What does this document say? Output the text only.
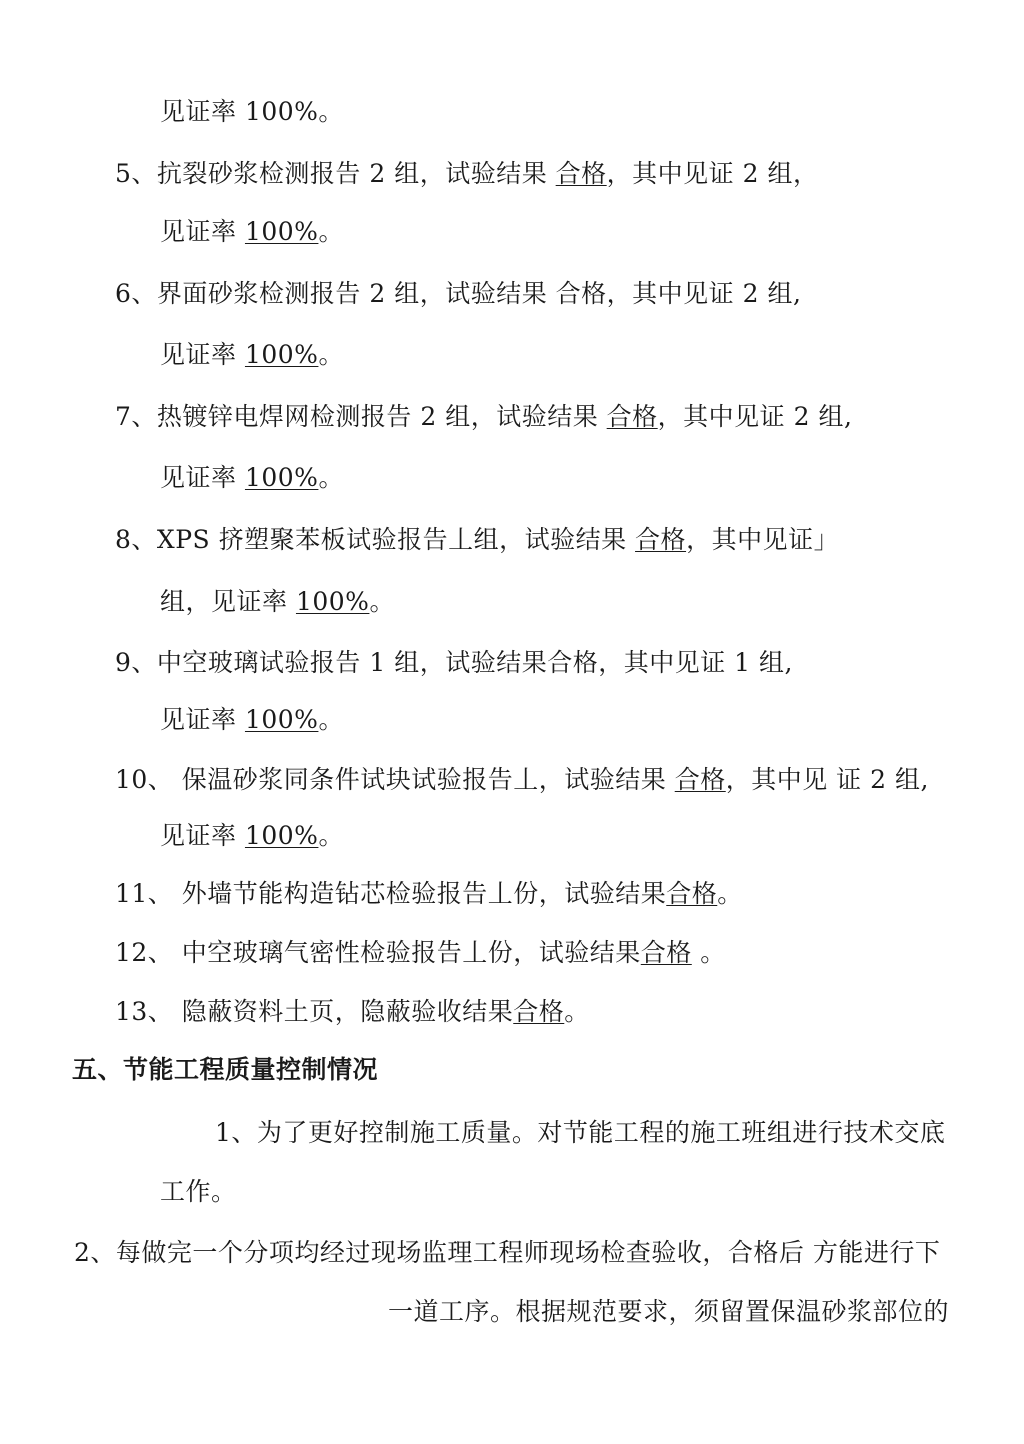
见证率 100%。
5、抗裂砂浆检测报告 2 组，试验结果 合格，其中见证 2 组，
见证率 100%。
6、界面砂浆检测报告 2 组，试验结果 合格，其中见证 2 组,
见证率 100%。
7、热镀锌电焊网检测报告 2 组，试验结果 合格，其中见证 2 组,
见证率 100%。
8、XPS 挤塑聚苯板试验报告丄组，试验结果 合格，其中见证」
组，见证率 100%。
9、中空玻璃试验报告 1 组，试验结果合格，其中见证 1 组,
见证率 100%。
10、 保温砂浆同条件试块试验报告丄，试验结果 合格，其中见 证 2 组,
见证率 100%。
11、 外墙节能构造钻芯检验报告丄份，试验结果合格。
12、 中空玻璃气密性检验报告丄份，试验结果合格 。
13、 隐蔽资料土页，隐蔽验收结果合格。
五、节能工程质量控制情况
1、为了更好控制施工质量。对节能工程的施工班组进行技术交底
工作。
2、每做完一个分项均经过现场监理工程师现场检查验收，合格后 方能进行下
一道工序。根据规范要求，须留置保温砂浆部位的
